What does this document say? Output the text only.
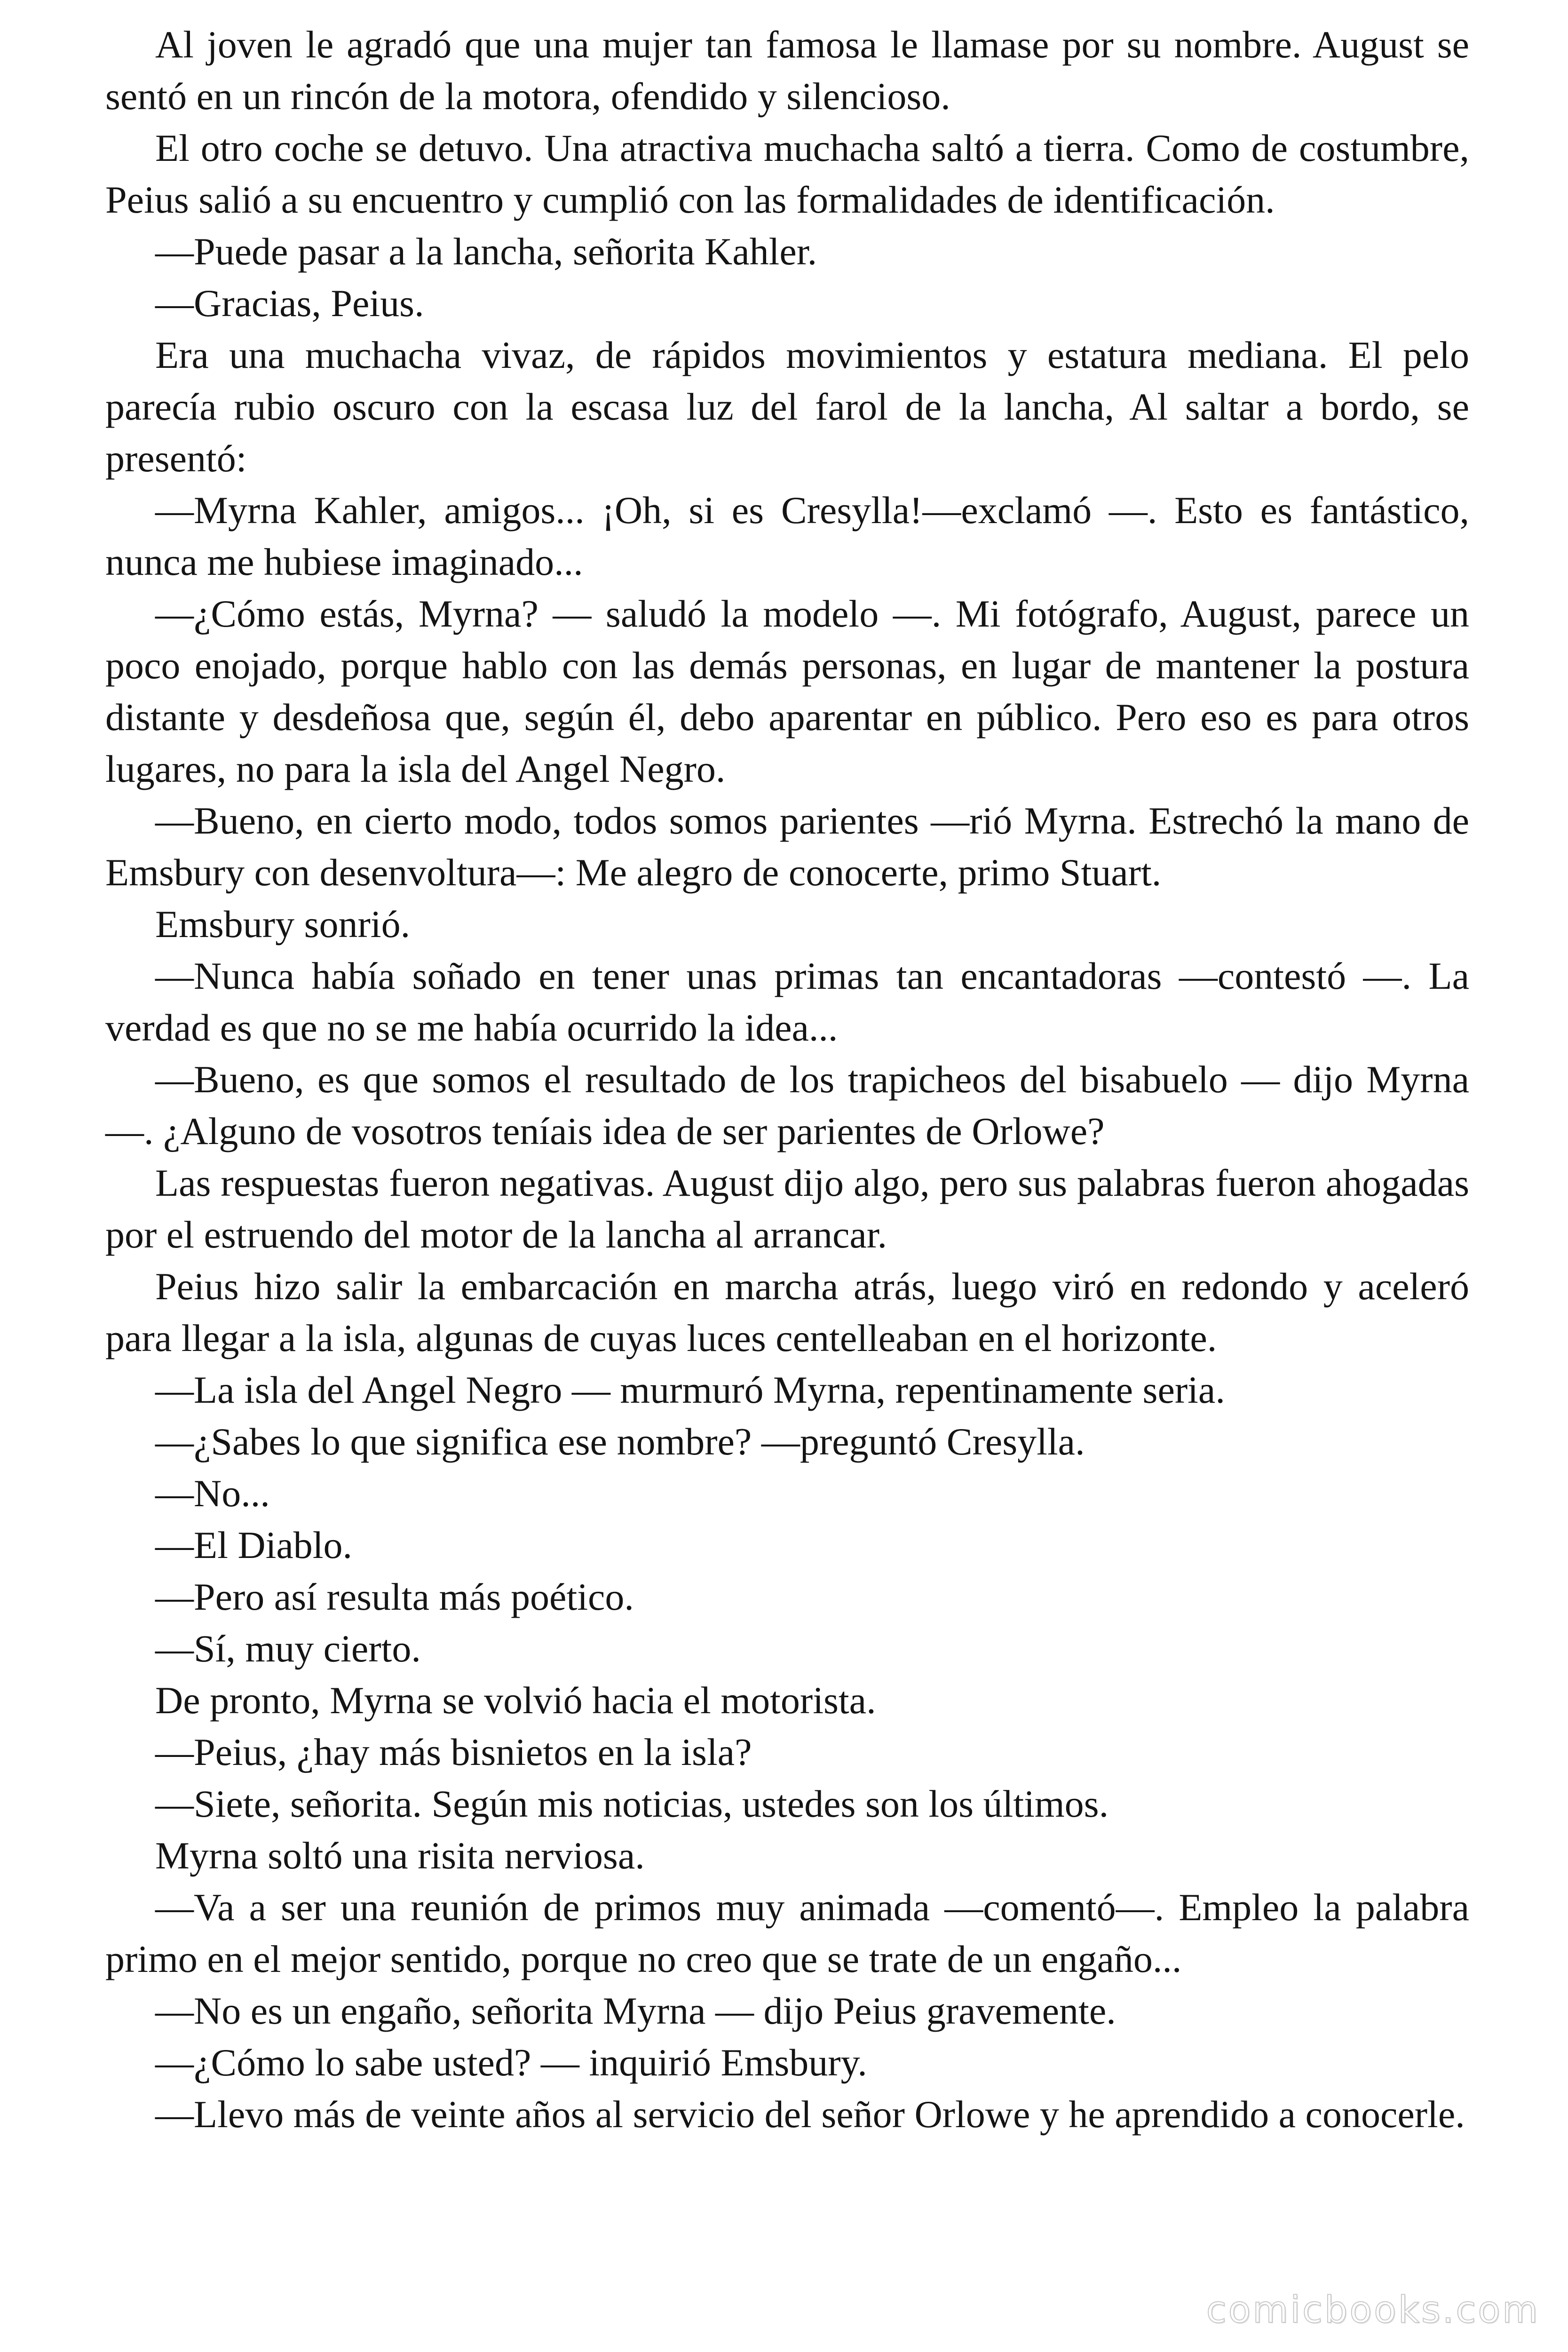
Al joven le agradó que una mujer tan famosa le llamase por su nombre. August se sentó en un rincón de la motora, ofendido y silencioso.

El otro coche se detuvo. Una atractiva muchacha saltó a tierra. Como de costumbre, Peius salió a su encuentro y cumplió con las formalidades de identificación.

—Puede pasar a la lancha, señorita Kahler.

—Gracias, Peius.

Era una muchacha vivaz, de rápidos movimientos y estatura mediana. El pelo parecía rubio oscuro con la escasa luz del farol de la lancha, Al saltar a bordo, se presentó:

—Myrna Kahler, amigos... ¡Oh, si es Cresylla!—exclamó —. Esto es fantástico, nunca me hubiese imaginado...

—¿Cómo estás, Myrna? — saludó la modelo —. Mi fotógrafo, August, parece un poco enojado, porque hablo con las demás personas, en lugar de mantener la postura distante y desdeñosa que, según él, debo aparentar en público. Pero eso es para otros lugares, no para la isla del Angel Negro.

—Bueno, en cierto modo, todos somos parientes —rió Myrna. Estrechó la mano de Emsbury con desenvoltura—: Me alegro de conocerte, primo Stuart.

Emsbury sonrió.

—Nunca había soñado en tener unas primas tan encantadoras —contestó —. La verdad es que no se me había ocurrido la idea...

—Bueno, es que somos el resultado de los trapicheos del bisabuelo — dijo Myrna—. ¿Alguno de vosotros teníais idea de ser parientes de Orlowe?

Las respuestas fueron negativas. August dijo algo, pero sus palabras fueron ahogadas por el estruendo del motor de la lancha al arrancar.

Peius hizo salir la embarcación en marcha atrás, luego viró en redondo y aceleró para llegar a la isla, algunas de cuyas luces centelleaban en el horizonte.

—La isla del Angel Negro — murmuró Myrna, repentinamente seria.

—¿Sabes lo que significa ese nombre? —preguntó Cresylla.

—No...

—El Diablo.

—Pero así resulta más poético.

—Sí, muy cierto.

De pronto, Myrna se volvió hacia el motorista.

—Peius, ¿hay más bisnietos en la isla?

—Siete, señorita. Según mis noticias, ustedes son los últimos.

Myrna soltó una risita nerviosa.

—Va a ser una reunión de primos muy animada —comentó—. Empleo la palabra primo en el mejor sentido, porque no creo que se trate de un engaño...

—No es un engaño, señorita Myrna — dijo Peius gravemente.

—¿Cómo lo sabe usted? — inquirió Emsbury.

—Llevo más de veinte años al servicio del señor Orlowe y he aprendido a conocerle.

comicbooks.com
